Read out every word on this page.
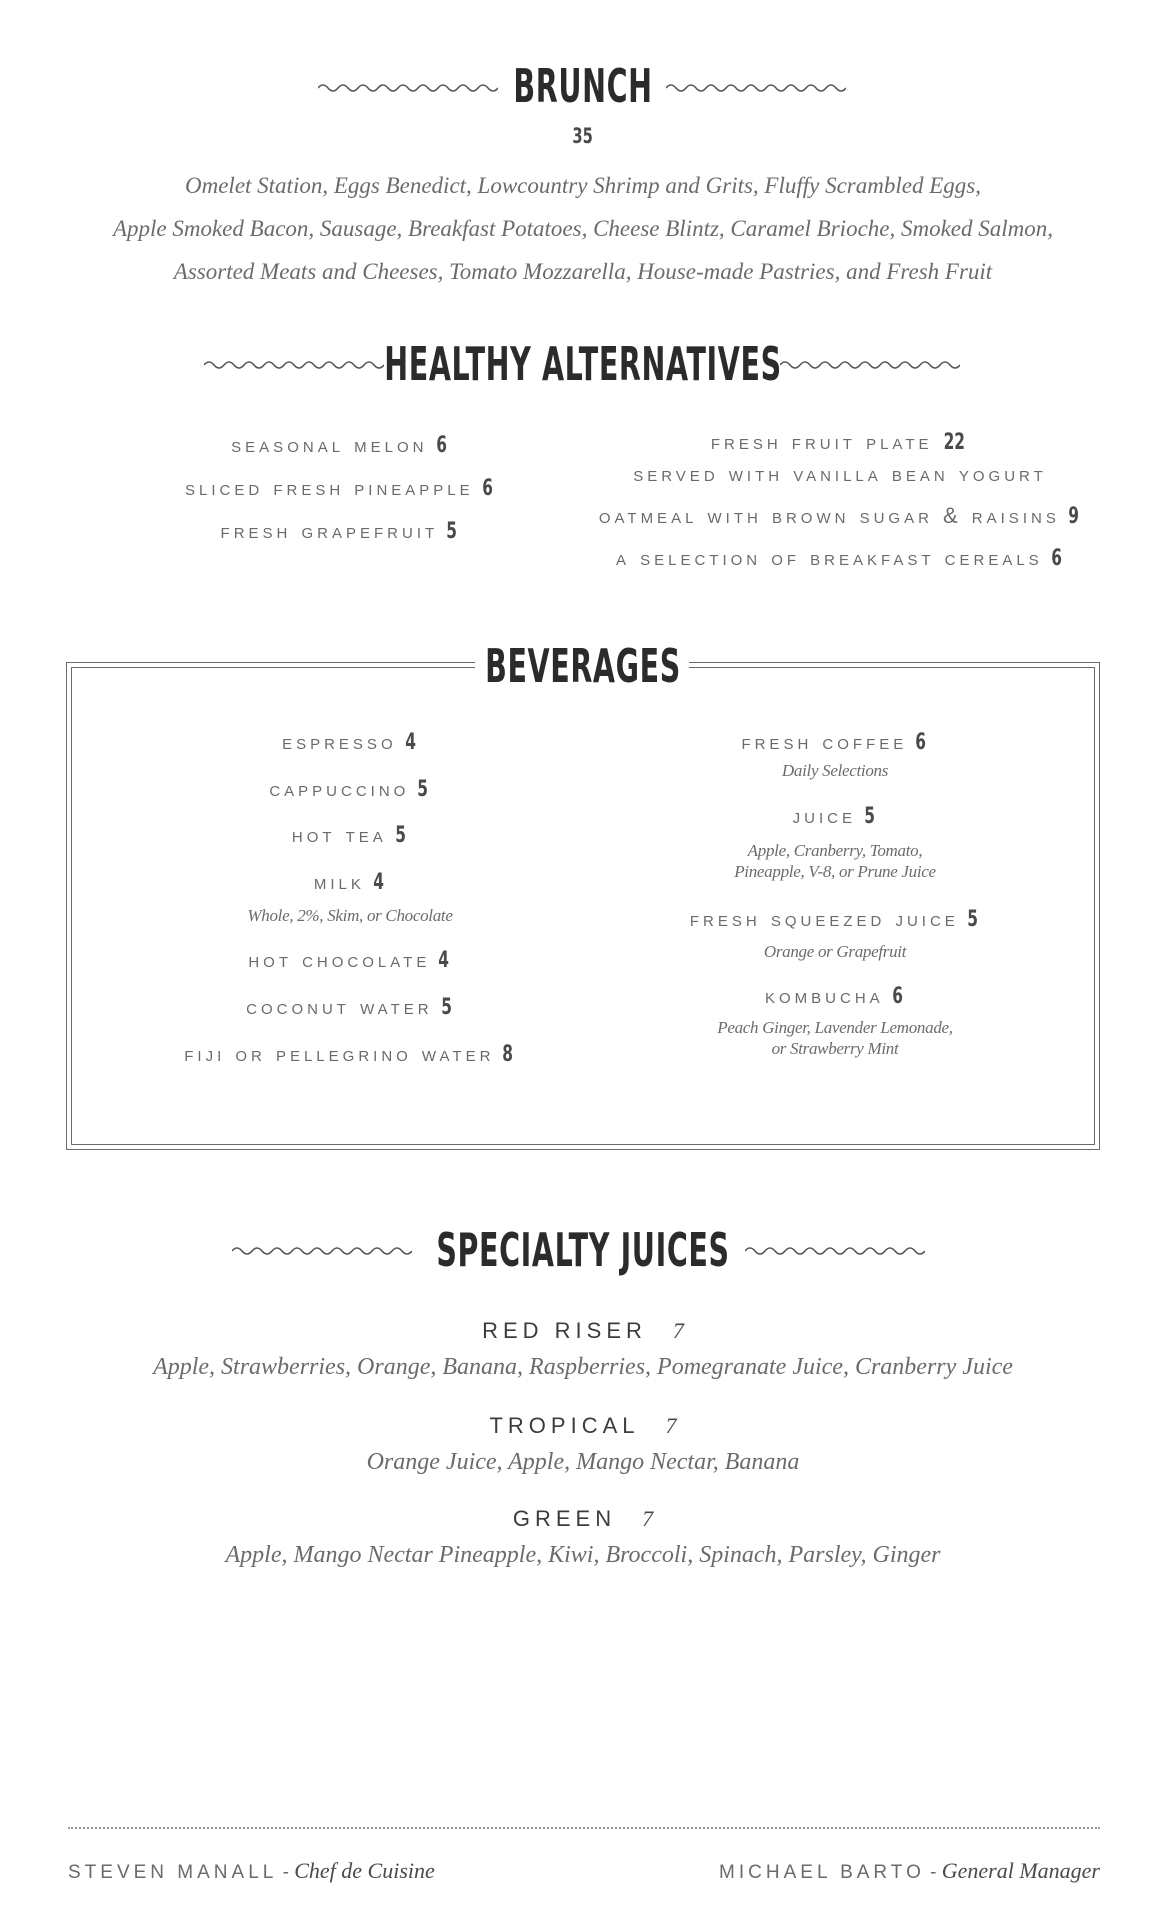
BRUNCH
35
Omelet Station, Eggs Benedict, Lowcountry Shrimp and Grits, Fluffy Scrambled Eggs,
Apple Smoked Bacon, Sausage, Breakfast Potatoes, Cheese Blintz, Caramel Brioche, Smoked Salmon,
Assorted Meats and Cheeses, Tomato Mozzarella, House-made Pastries, and Fresh Fruit
HEALTHY ALTERNATIVES
seasonal melon 6
sliced fresh pineapple 6
fresh grapefruit 5
fresh fruit plate 22
served with vanilla bean yogurt
oatmeal with brown sugar & raisins 9
a selection of breakfast cereals 6
BEVERAGES
espresso 4
cappuccino 5
hot tea 5
milk 4
Whole, 2%, Skim, or Chocolate
hot chocolate 4
coconut water 5
fiji or pellegrino water 8
fresh coffee 6
Daily Selections
juice 5
Apple, Cranberry, Tomato,
Pineapple, V-8, or Prune Juice
fresh squeezed juice 5
Orange or Grapefruit
kombucha 6
Peach Ginger, Lavender Lemonade,
or Strawberry Mint
SPECIALTY JUICES
RED RISER 7
Apple, Strawberries, Orange, Banana, Raspberries, Pomegranate Juice, Cranberry Juice
TROPICAL 7
Orange Juice, Apple, Mango Nectar, Banana
GREEN 7
Apple, Mango Nectar Pineapple, Kiwi, Broccoli, Spinach, Parsley, Ginger
STEVEN MANALL - Chef de Cuisine	MICHAEL BARTO - General Manager
